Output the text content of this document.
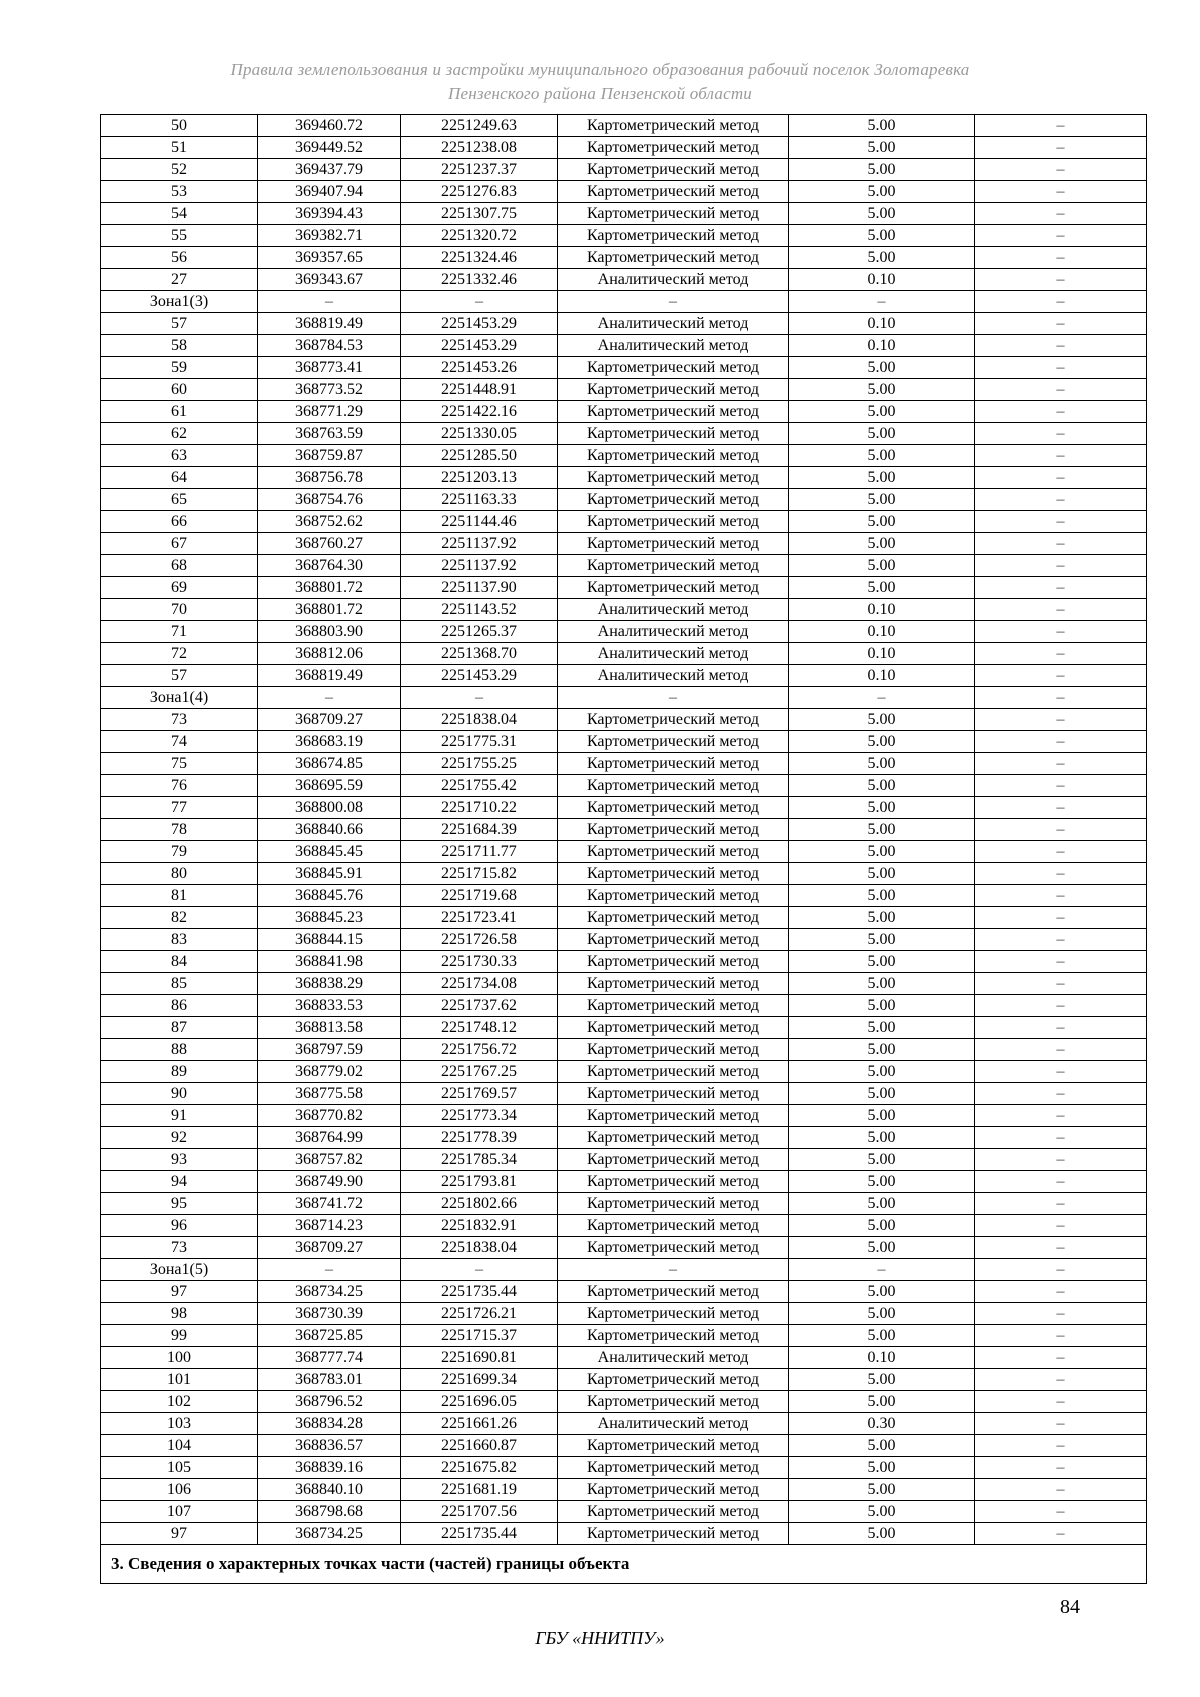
Правила землепользования и застройки муниципального образования рабочий поселок Золотаревка
Пензенского района Пензенской области
50	369460.72	2251249.63	Картометрический метод	5.00	–
51	369449.52	2251238.08	Картометрический метод	5.00	–
52	369437.79	2251237.37	Картометрический метод	5.00	–
53	369407.94	2251276.83	Картометрический метод	5.00	–
54	369394.43	2251307.75	Картометрический метод	5.00	–
55	369382.71	2251320.72	Картометрический метод	5.00	–
56	369357.65	2251324.46	Картометрический метод	5.00	–
27	369343.67	2251332.46	Аналитический метод	0.10	–
Зона1(3)	–	–	–	–	–
57	368819.49	2251453.29	Аналитический метод	0.10	–
58	368784.53	2251453.29	Аналитический метод	0.10	–
59	368773.41	2251453.26	Картометрический метод	5.00	–
60	368773.52	2251448.91	Картометрический метод	5.00	–
61	368771.29	2251422.16	Картометрический метод	5.00	–
62	368763.59	2251330.05	Картометрический метод	5.00	–
63	368759.87	2251285.50	Картометрический метод	5.00	–
64	368756.78	2251203.13	Картометрический метод	5.00	–
65	368754.76	2251163.33	Картометрический метод	5.00	–
66	368752.62	2251144.46	Картометрический метод	5.00	–
67	368760.27	2251137.92	Картометрический метод	5.00	–
68	368764.30	2251137.92	Картометрический метод	5.00	–
69	368801.72	2251137.90	Картометрический метод	5.00	–
70	368801.72	2251143.52	Аналитический метод	0.10	–
71	368803.90	2251265.37	Аналитический метод	0.10	–
72	368812.06	2251368.70	Аналитический метод	0.10	–
57	368819.49	2251453.29	Аналитический метод	0.10	–
Зона1(4)	–	–	–	–	–
73	368709.27	2251838.04	Картометрический метод	5.00	–
74	368683.19	2251775.31	Картометрический метод	5.00	–
75	368674.85	2251755.25	Картометрический метод	5.00	–
76	368695.59	2251755.42	Картометрический метод	5.00	–
77	368800.08	2251710.22	Картометрический метод	5.00	–
78	368840.66	2251684.39	Картометрический метод	5.00	–
79	368845.45	2251711.77	Картометрический метод	5.00	–
80	368845.91	2251715.82	Картометрический метод	5.00	–
81	368845.76	2251719.68	Картометрический метод	5.00	–
82	368845.23	2251723.41	Картометрический метод	5.00	–
83	368844.15	2251726.58	Картометрический метод	5.00	–
84	368841.98	2251730.33	Картометрический метод	5.00	–
85	368838.29	2251734.08	Картометрический метод	5.00	–
86	368833.53	2251737.62	Картометрический метод	5.00	–
87	368813.58	2251748.12	Картометрический метод	5.00	–
88	368797.59	2251756.72	Картометрический метод	5.00	–
89	368779.02	2251767.25	Картометрический метод	5.00	–
90	368775.58	2251769.57	Картометрический метод	5.00	–
91	368770.82	2251773.34	Картометрический метод	5.00	–
92	368764.99	2251778.39	Картометрический метод	5.00	–
93	368757.82	2251785.34	Картометрический метод	5.00	–
94	368749.90	2251793.81	Картометрический метод	5.00	–
95	368741.72	2251802.66	Картометрический метод	5.00	–
96	368714.23	2251832.91	Картометрический метод	5.00	–
73	368709.27	2251838.04	Картометрический метод	5.00	–
Зона1(5)	–	–	–	–	–
97	368734.25	2251735.44	Картометрический метод	5.00	–
98	368730.39	2251726.21	Картометрический метод	5.00	–
99	368725.85	2251715.37	Картометрический метод	5.00	–
100	368777.74	2251690.81	Аналитический метод	0.10	–
101	368783.01	2251699.34	Картометрический метод	5.00	–
102	368796.52	2251696.05	Картометрический метод	5.00	–
103	368834.28	2251661.26	Аналитический метод	0.30	–
104	368836.57	2251660.87	Картометрический метод	5.00	–
105	368839.16	2251675.82	Картометрический метод	5.00	–
106	368840.10	2251681.19	Картометрический метод	5.00	–
107	368798.68	2251707.56	Картометрический метод	5.00	–
97	368734.25	2251735.44	Картометрический метод	5.00	–
3. Сведения о характерных точках части (частей) границы объекта					
84
ГБУ «ННИТПУ»
